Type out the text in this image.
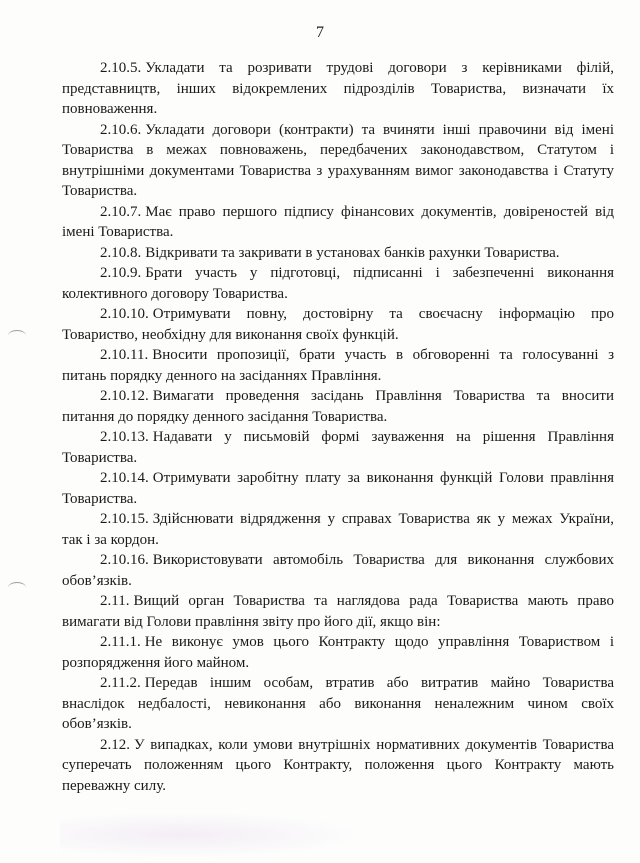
7

2.10.5. Укладати та розривати трудові договори з керівниками філій, представництв, інших відокремлених підрозділів Товариства, визначати їх повноваження.

2.10.6. Укладати договори (контракти) та вчиняти інші правочини від імені Товариства в межах повноважень, передбачених законодавством, Статутом і внутрішніми документами Товариства з урахуванням вимог законодавства і Статуту Товариства.

2.10.7. Має право першого підпису фінансових документів, довіреностей від імені Товариства.

2.10.8. Відкривати та закривати в установах банків рахунки Товариства.

2.10.9. Брати участь у підготовці, підписанні і забезпеченні виконання колективного договору Товариства.

2.10.10. Отримувати повну, достовірну та своєчасну інформацію про Товариство, необхідну для виконання своїх функцій.

2.10.11. Вносити пропозиції, брати участь в обговоренні та голосуванні з питань порядку денного на засіданнях Правління.

2.10.12. Вимагати проведення засідань Правління Товариства та вносити питання до порядку денного засідання Товариства.

2.10.13. Надавати у письмовій формі зауваження на рішення Правління Товариства.

2.10.14. Отримувати заробітну плату за виконання функцій Голови правління Товариства.

2.10.15. Здійснювати відрядження у справах Товариства як у межах України, так і за кордон.

2.10.16. Використовувати автомобіль Товариства для виконання службових обов’язків.

2.11. Вищий орган Товариства та наглядова рада Товариства мають право вимагати від Голови правління звіту про його дії, якщо він:

2.11.1. Не виконує умов цього Контракту щодо управління Товариством і розпорядження його майном.

2.11.2. Передав іншим особам, втратив або витратив майно Товариства внаслідок недбалості, невиконання або виконання неналежним чином своїх обов’язків.

2.12. У випадках, коли умови внутрішніх нормативних документів Товариства суперечать положенням цього Контракту, положення цього Контракту мають переважну силу.
